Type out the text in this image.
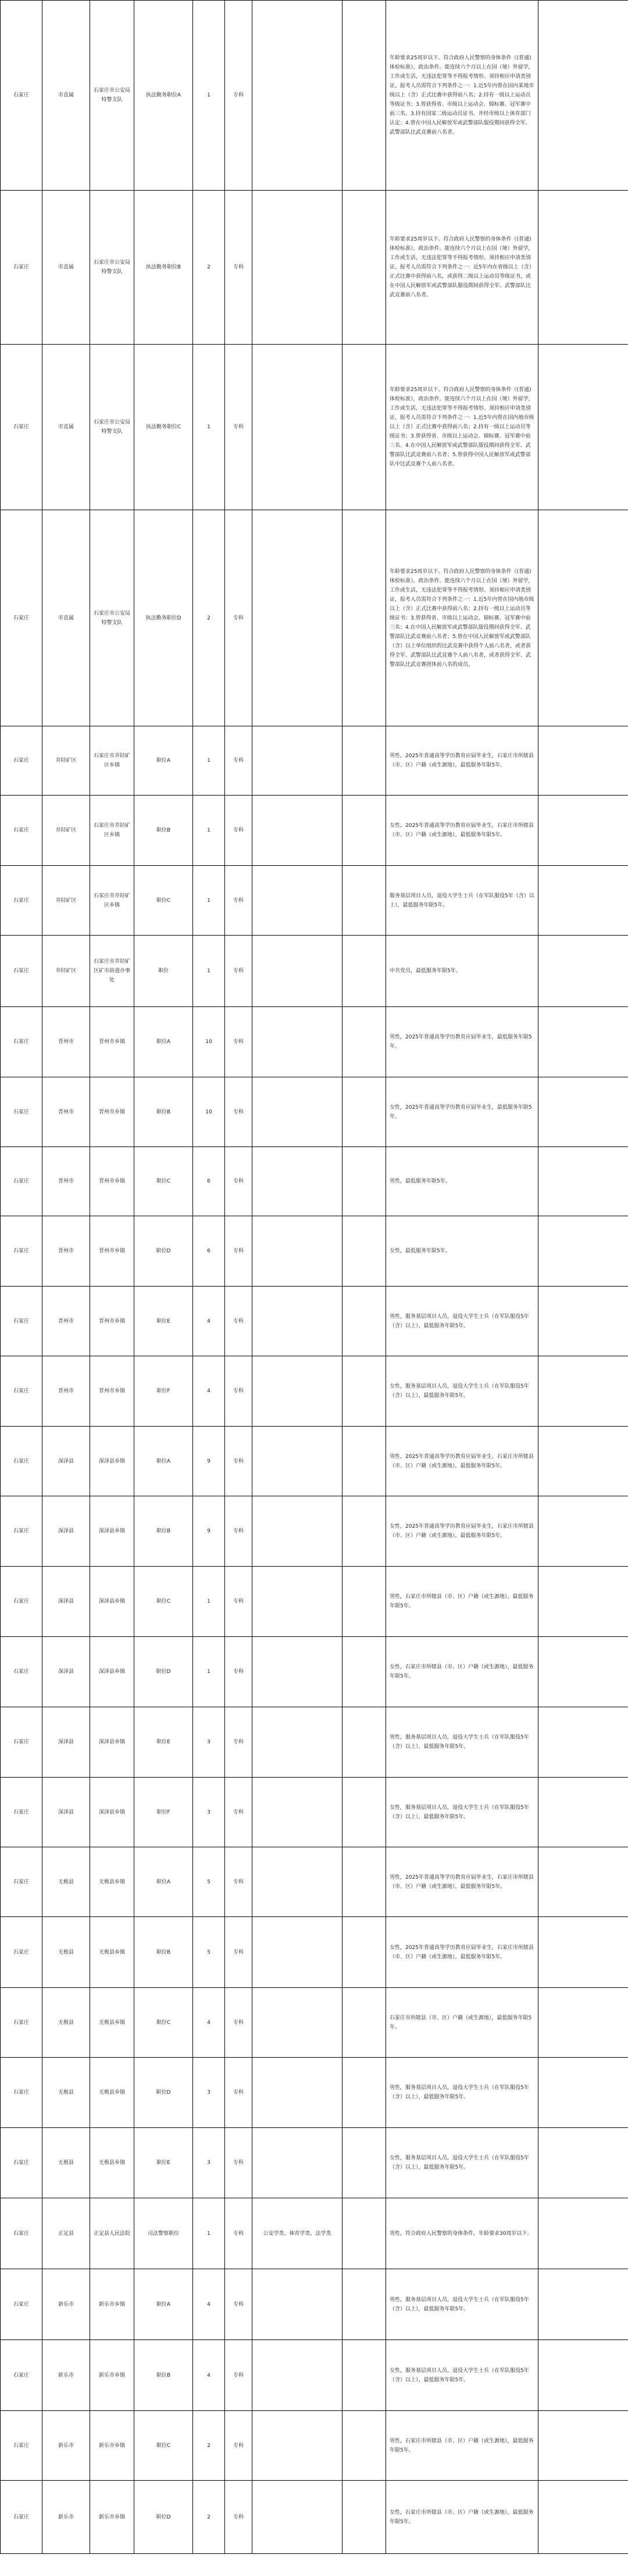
石家庄	市直属	石家庄市公安局特警支队	执法勤务职位A	1	专科			年龄要求25周岁以下。符合政府人民警察的身体条件《(普通)体检标准》，政治条件。能连续六个月以上在国（境）外留学，工作或生活，无违法犯罪等不得报考情形。须持相应申请类别证，报考人员需符合下列条件之一：1.近5年内曾在国内某地市级以上（含）正式比赛中获得前八名；2.持有一级以上运动员等级证书；3.曾获得省、市级以上运动会、锦标赛、冠军赛中前三名。3.持有国家二级运动员证书，并经市级以上体育部门认定；4.曾在中国人民解放军或武警部队服役期间获得全军、武警部队比武竞赛前八名者。	
石家庄	市直属	石家庄市公安局特警支队	执法勤务职位B	2	专科			年龄要求25周岁以下。符合政府人民警察的身体条件《(普通)体检标准》，政治条件。能连续六个月以上在国（境）外留学，工作或生活，无违法犯罪等不得报考情形。须持相应申请类别证，报考人员需符合下列条件之一：近5年内在省级以上（含）正式比赛中获得前八名，或获得二级以上运动员等级证书，或在中国人民解放军或武警部队服役期间获得全军、武警部队比武竞赛前八名者。	
石家庄	市直属	石家庄市公安局特警支队	执法勤务职位C	1	专科			年龄要求25周岁以下。符合政府人民警察的身体条件《(普通)体检标准》，政治条件。能连续六个月以上在国（境）外留学，工作或生活，无违法犯罪等不得报考情形。须持相应申请类别证，报考人员需符合下列条件之一：1.近5年内曾在国内地市级以上（含）正式比赛中获得前八名；2.持有一级以上运动员等级证书；3.曾获得省、市级以上运动会、锦标赛、冠军赛中前三名。4.在中国人民解放军或武警部队服役期间获得全军、武警部队比武竞赛前八名者；5.曾获得中国人民解放军或武警部队中比武竞赛个人前八名者。	
石家庄	市直属	石家庄市公安局特警支队	执法勤务职位D	2	专科			年龄要求25周岁以下。符合政府人民警察的身体条件《(普通)体检标准》，政治条件。能连续六个月以上在国（境）外留学，工作或生活，无违法犯罪等不得报考情形。须持相应申请类别证，报考人员需符合下列条件之一：1.近5年内曾在国内地市级以上（含）正式比赛中获得前八名；2.持有一级以上运动员等级证书；3.曾获得省、市级以上运动会、锦标赛、冠军赛中前三名；4.在中国人民解放军或武警部队服役期间获得全军、武警部队比武竞赛前八名者；5.曾在中国人民解放军或武警部队（含）以上单位组织的比武竞赛中获得个人前八名者，或者获得全军、武警部队比武竞赛个人前八名者，或者获得全军、武警部队比武竞赛团体前八名的成员。	
石家庄	井陉矿区	石家庄市井陉矿区乡镇	职位A	1	专科			男性，2025年普通高等学历教育应届毕业生，石家庄市所辖县（市、区）户籍（或生源地），最低服务年限5年。	
石家庄	井陉矿区	石家庄市井陉矿区乡镇	职位B	1	专科			女性，2025年普通高等学历教育应届毕业生，石家庄市所辖县（市、区）户籍（或生源地），最低服务年限5年。	
石家庄	井陉矿区	石家庄市井陉矿区乡镇	职位C	1	专科			服务基层项目人员，退役大学生士兵（在军队服役5年（含）以上），最低服务年限5年。	
石家庄	井陉矿区	石家庄市井陉矿区矿市街道办事处	职位	1	专科			中共党员，最低服务年限5年。	
石家庄	晋州市	晋州市乡镇	职位A	10	专科			男性，2025年普通高等学历教育应届毕业生，最低服务年限5年。	
石家庄	晋州市	晋州市乡镇	职位B	10	专科			女性，2025年普通高等学历教育应届毕业生，最低服务年限5年。	
石家庄	晋州市	晋州市乡镇	职位C	6	专科			男性，最低服务年限5年。	
石家庄	晋州市	晋州市乡镇	职位D	6	专科			女性，最低服务年限5年。	
石家庄	晋州市	晋州市乡镇	职位E	4	专科			男性，服务基层项目人员，退役大学生士兵（在军队服役5年（含）以上），最低服务年限5年。	
石家庄	晋州市	晋州市乡镇	职位F	4	专科			女性，服务基层项目人员，退役大学生士兵（在军队服役5年（含）以上），最低服务年限5年。	
石家庄	深泽县	深泽县乡镇	职位A	9	专科			男性，2025年普通高等学历教育应届毕业生，石家庄市所辖县（市、区）户籍（或生源地），最低服务年限5年。	
石家庄	深泽县	深泽县乡镇	职位B	9	专科			女性，2025年普通高等学历教育应届毕业生，石家庄市所辖县（市、区）户籍（或生源地），最低服务年限5年。	
石家庄	深泽县	深泽县乡镇	职位C	1	专科			男性，石家庄市所辖县（市、区）户籍（或生源地），最低服务年限5年。	
石家庄	深泽县	深泽县乡镇	职位D	1	专科			女性，石家庄市所辖县（市、区）户籍（或生源地），最低服务年限5年。	
石家庄	深泽县	深泽县乡镇	职位E	3	专科			男性，服务基层项目人员，退役大学生士兵（在军队服役5年（含）以上），最低服务年限5年。	
石家庄	深泽县	深泽县乡镇	职位F	3	专科			女性，服务基层项目人员，退役大学生士兵（在军队服役5年（含）以上），最低服务年限5年。	
石家庄	无极县	无极县乡镇	职位A	5	专科			男性，2025年普通高等学历教育应届毕业生，石家庄市所辖县（市、区）户籍（或生源地），最低服务年限5年。	
石家庄	无极县	无极县乡镇	职位B	5	专科			女性，2025年普通高等学历教育应届毕业生，石家庄市所辖县（市、区）户籍（或生源地），最低服务年限5年。	
石家庄	无极县	无极县乡镇	职位C	4	专科			石家庄市所辖县（市、区）户籍（或生源地），最低服务年限5年。	
石家庄	无极县	无极县乡镇	职位D	3	专科			男性，服务基层项目人员，退役大学生士兵（在军队服役5年（含）以上），最低服务年限5年。	
石家庄	无极县	无极县乡镇	职位E	3	专科			女性，服务基层项目人员，退役大学生士兵（在军队服役5年（含）以上），最低服务年限5年。	
石家庄	正定县	正定县人民法院	司法警察职位	1	专科	公安学类、体育学类、法学类		男性，符合政府人民警察的身体条件，年龄要求30周岁以下。	
石家庄	新乐市	新乐市乡镇	职位A	4	专科			男性，服务基层项目人员，退役大学生士兵（在军队服役5年（含）以上），最低服务年限5年。	
石家庄	新乐市	新乐市乡镇	职位B	4	专科			女性，服务基层项目人员，退役大学生士兵（在军队服役5年（含）以上），最低服务年限5年。	
石家庄	新乐市	新乐市乡镇	职位C	2	专科			男性，石家庄市所辖县（市、区）户籍（或生源地），最低服务年限5年。	
石家庄	新乐市	新乐市乡镇	职位D	2	专科			女性，石家庄市所辖县（市、区）户籍（或生源地），最低服务年限5年。	
